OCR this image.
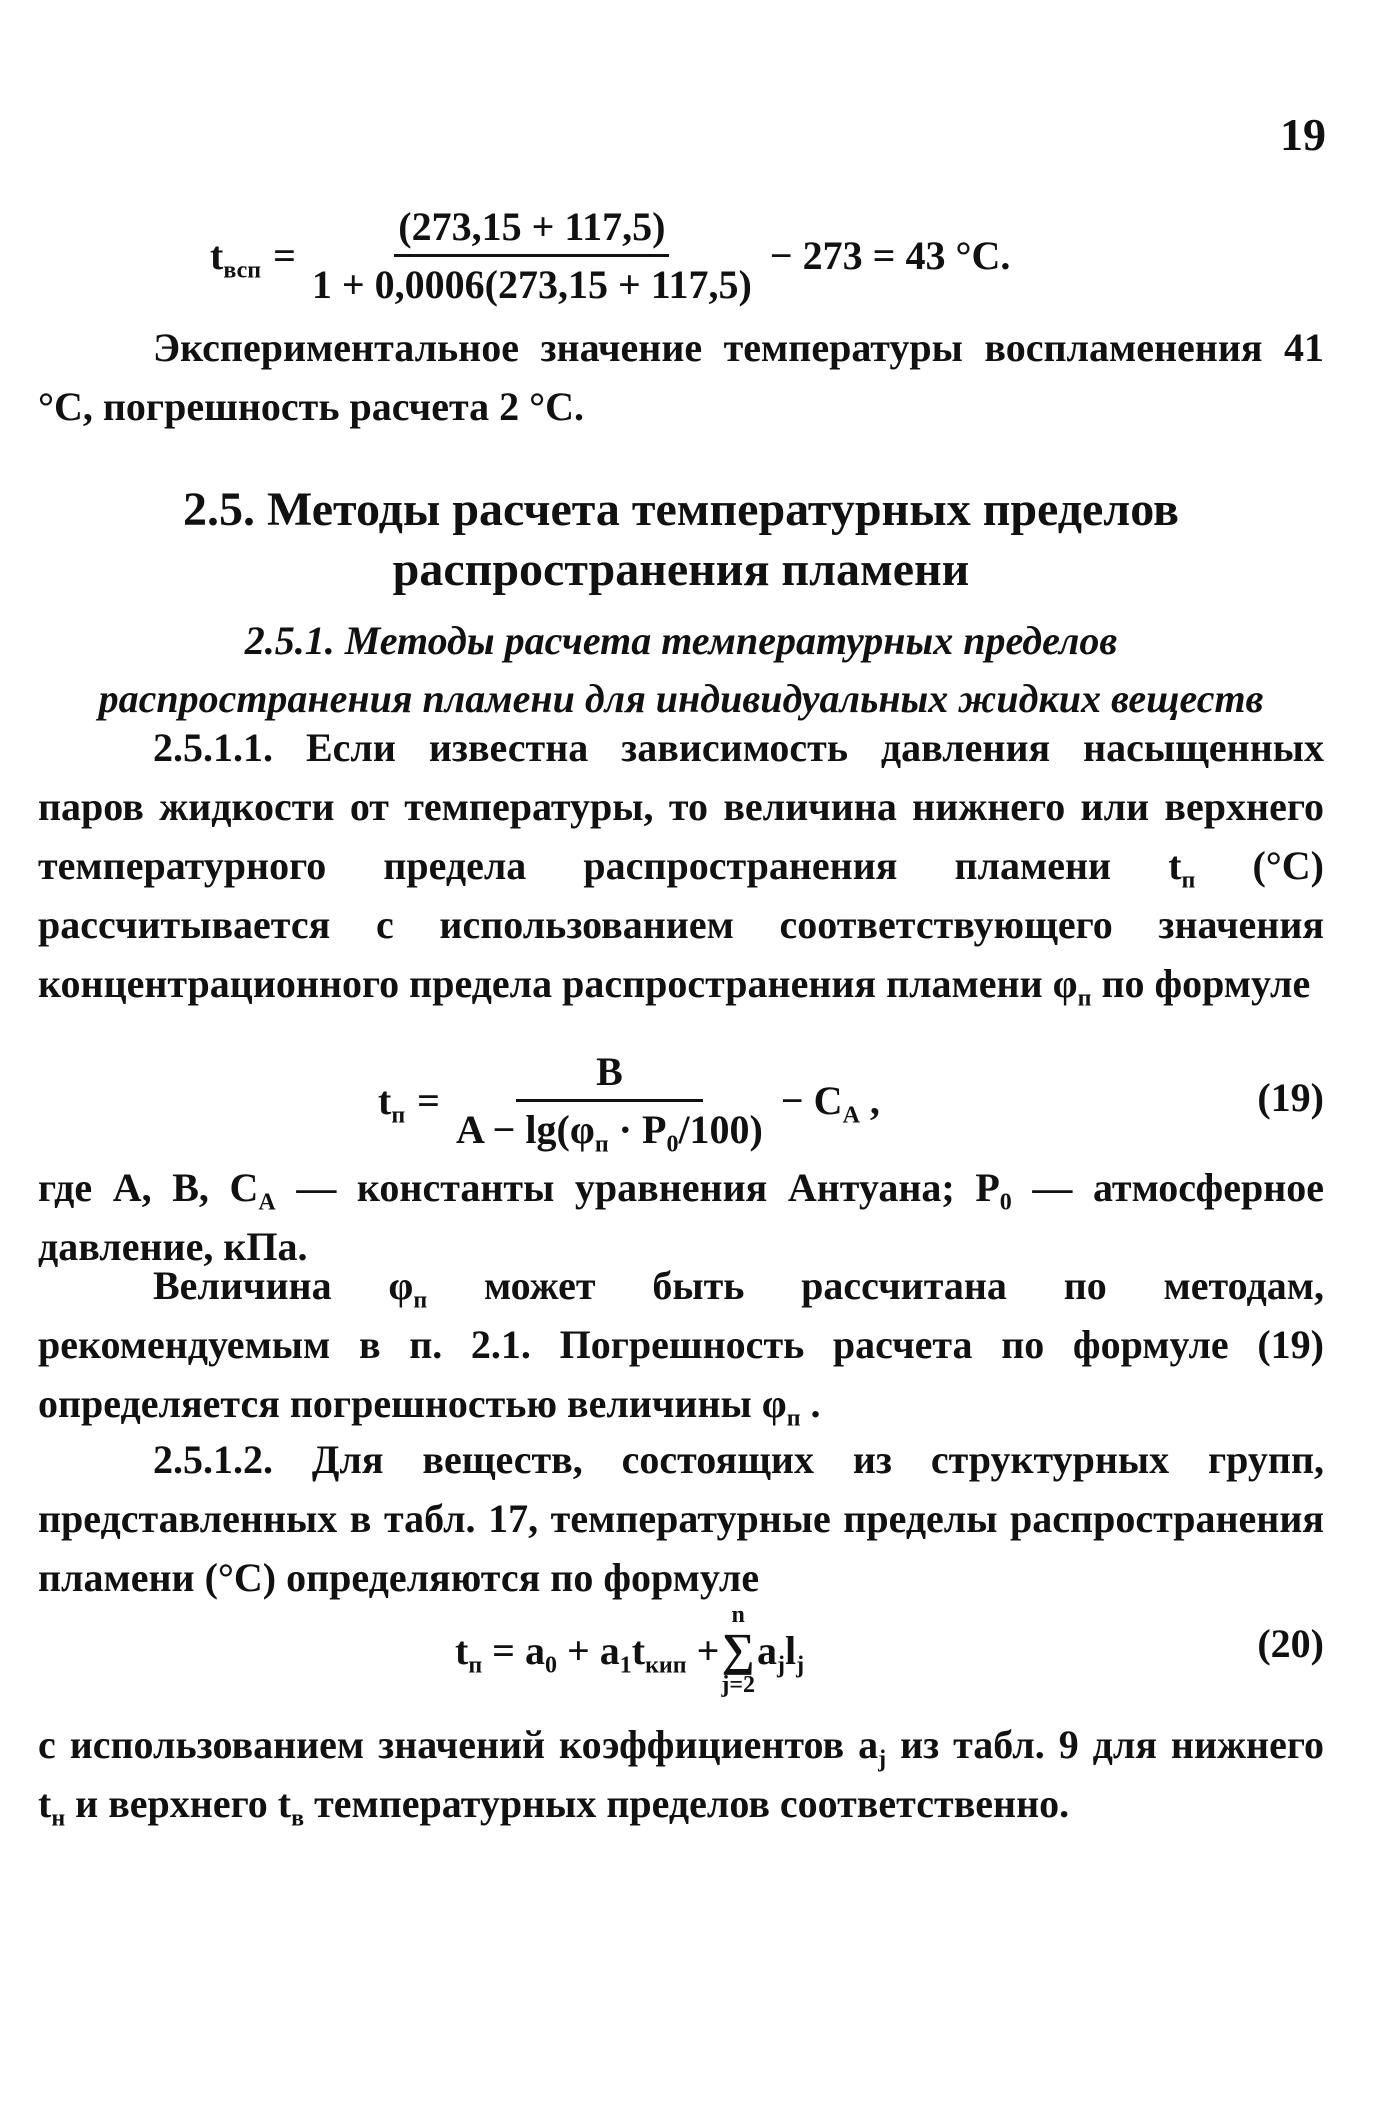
19
$t_{всп} = \frac{(273,15 + 117,5)}{1 + 0,0006(273,15 + 117,5)} - 273 = 43$ °С.
Экспериментальное значение температуры воспламенения 41 °С, погрешность расчета 2 °С.
2.5. Методы расчета температурных пределов
распространения пламени
2.5.1. Методы расчета температурных пределов
распространения пламени для индивидуальных жидких веществ
2.5.1.1. Если известна зависимость давления насыщенных паров жидкости от температуры, то величина нижнего или верхнего температурного предела распространения пламени $t_п$ (°С) рассчитывается с использованием соответствующего значения концентрационного предела распространения пламени $\varphi_п$ по формуле
$t_п = \frac{B}{A - \lg(\varphi_п \cdot P_0/100)} - C_A$ ,	(19)
где A, B, $C_A$ — константы уравнения Антуана; $P_0$ — атмосферное давление, кПа.
Величина $\varphi_п$ может быть рассчитана по методам, рекомендуемым в п. 2.1. Погрешность расчета по формуле (19) определяется погрешностью величины $\varphi_п$ .
2.5.1.2. Для веществ, состоящих из структурных групп, представленных в табл. 17, температурные пределы распространения пламени (°С) определяются по формуле
$t_п = a_0 + a_1t_{кип}$ +
n
∑
j=2
$a_jl_j$	(20)
с использованием значений коэффициентов $a_j$ из табл. 9 для нижнего $t_н$ и верхнего $t_в$ температурных пределов соответственно.
